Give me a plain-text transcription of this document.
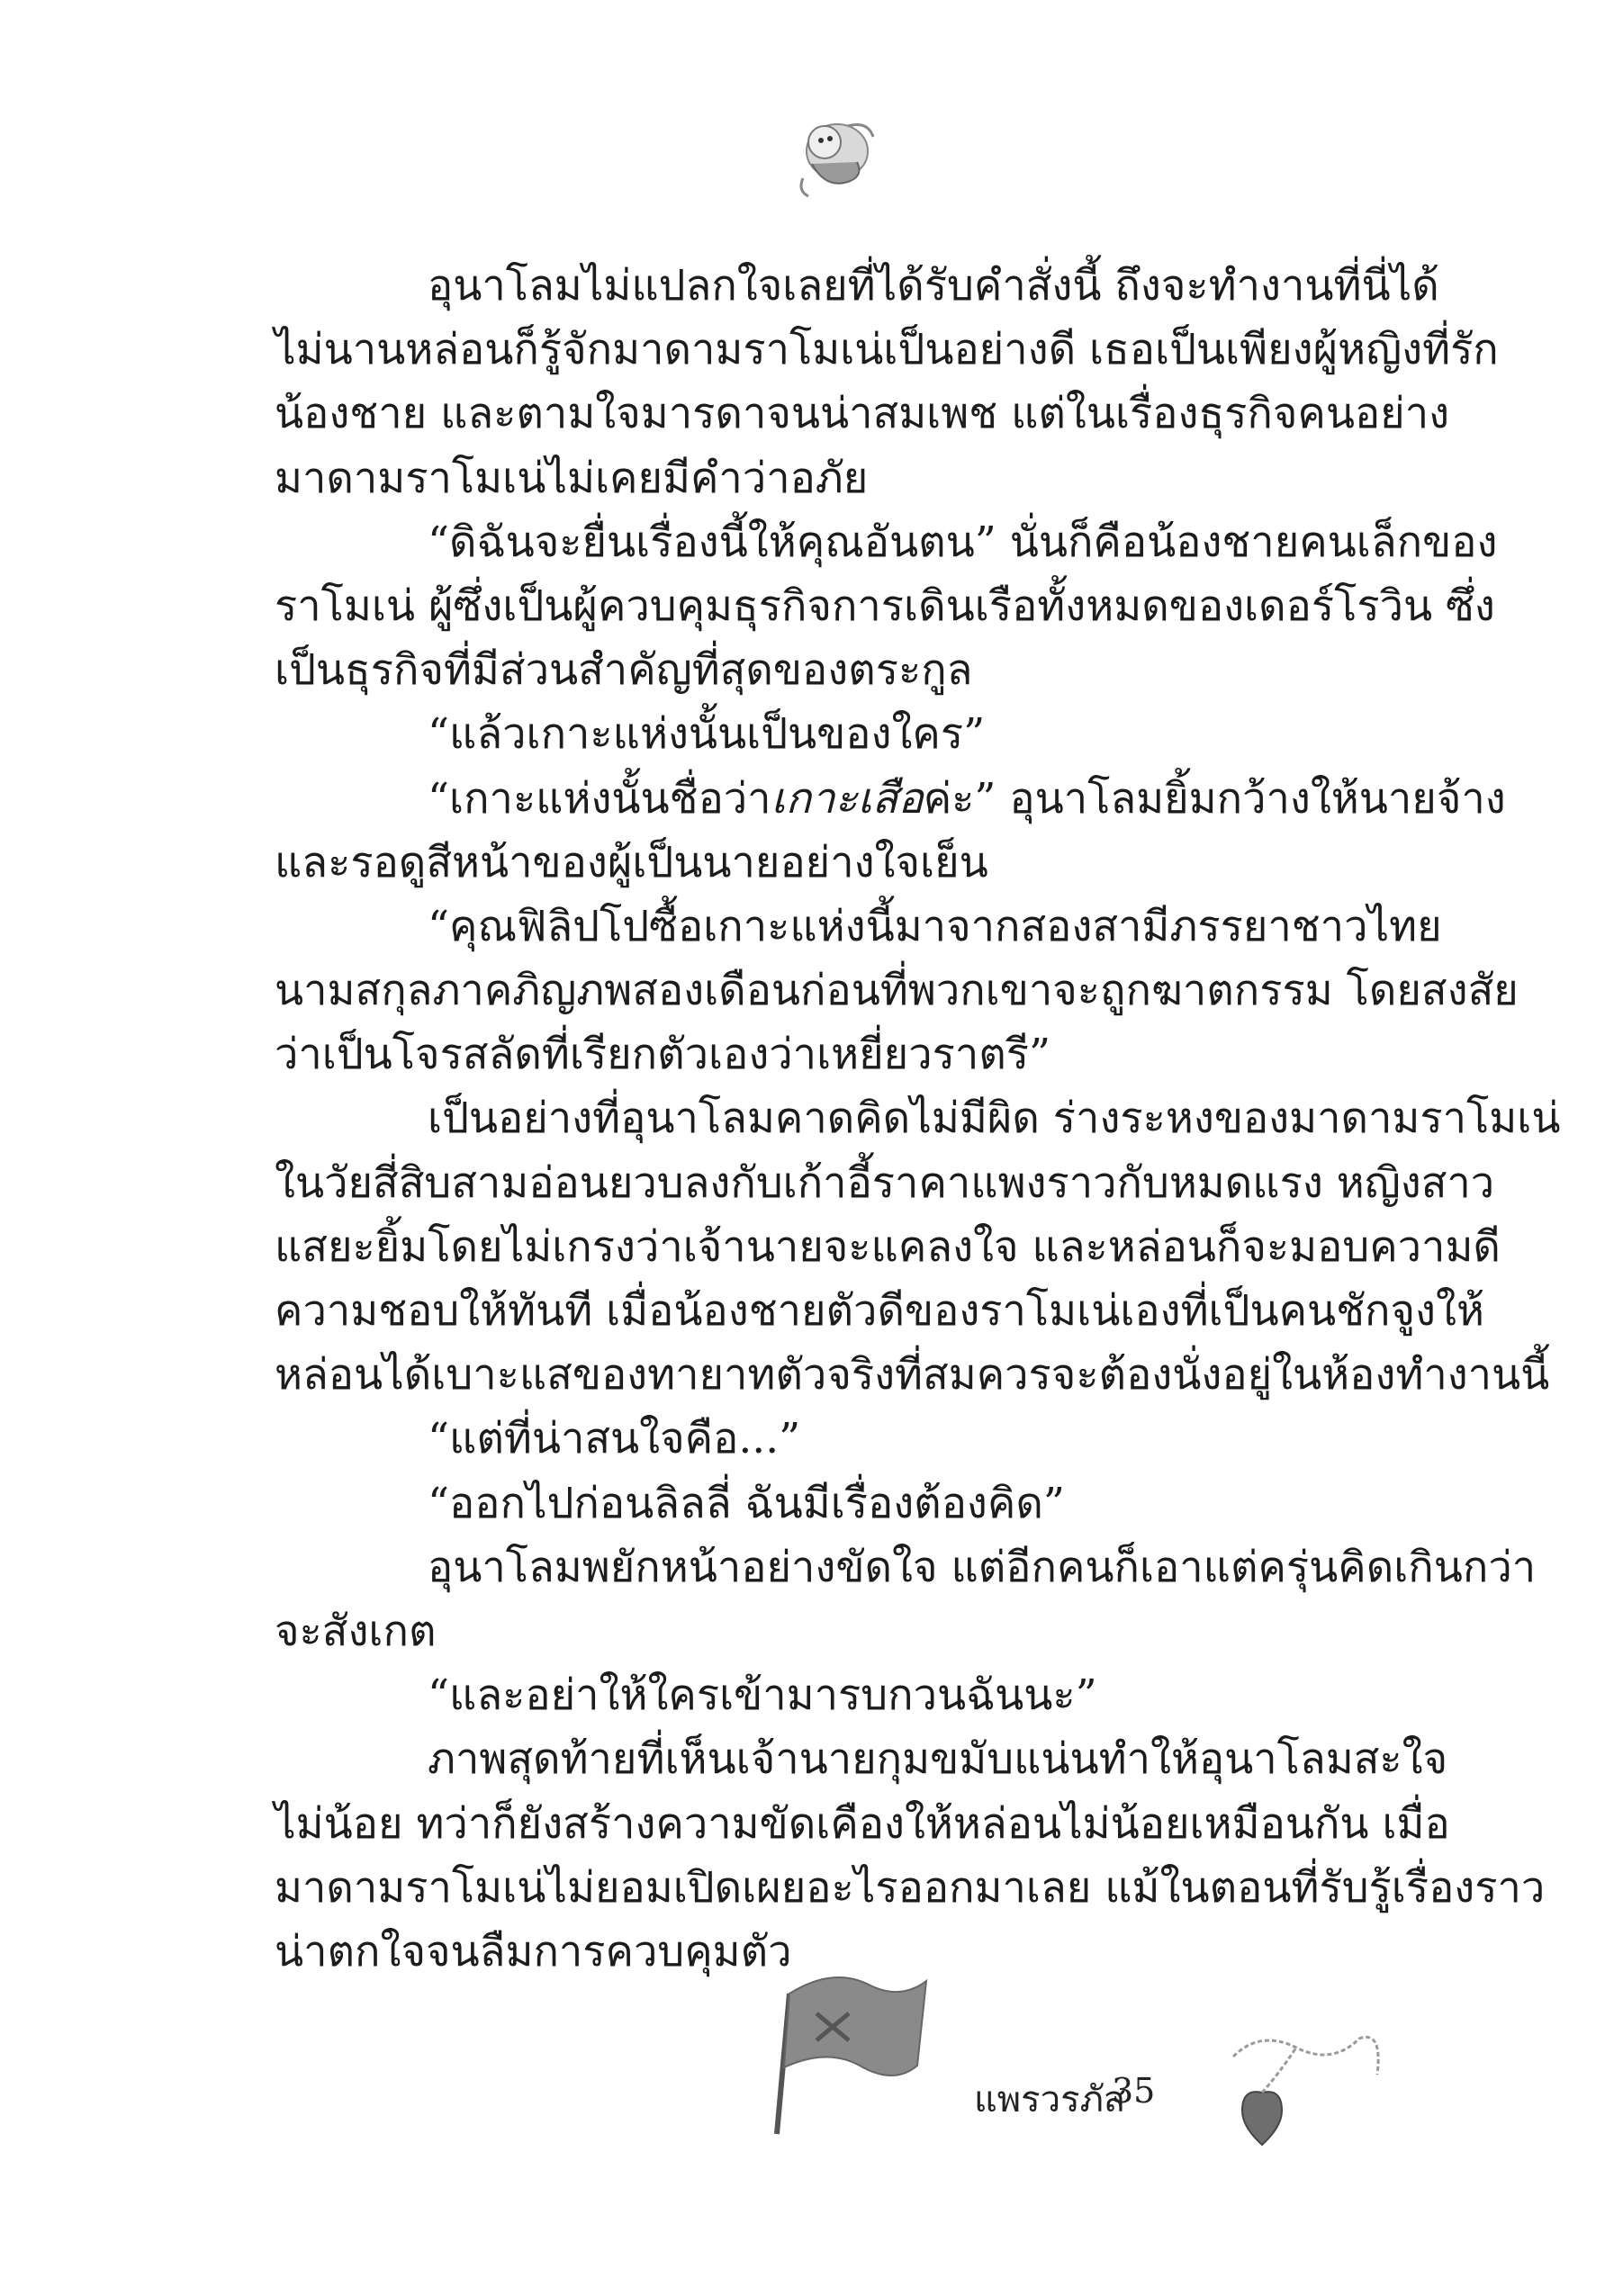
อุนาโลมไม่แปลกใจเลยที่ได้รับคำสั่งนี้ ถึงจะทำงานที่นี่ได้
ไม่นานหล่อนก็รู้จักมาดามราโมเน่เป็นอย่างดี เธอเป็นเพียงผู้หญิงที่รัก
น้องชาย และตามใจมารดาจนน่าสมเพช แต่ในเรื่องธุรกิจคนอย่าง
มาดามราโมเน่ไม่เคยมีคำว่าอภัย
“ดิฉันจะยื่นเรื่องนี้ให้คุณอันตน” นั่นก็คือน้องชายคนเล็กของ
ราโมเน่ ผู้ซึ่งเป็นผู้ควบคุมธุรกิจการเดินเรือทั้งหมดของเดอร์โรวิน ซึ่ง
เป็นธุรกิจที่มีส่วนสำคัญที่สุดของตระกูล
“แล้วเกาะแห่งนั้นเป็นของใคร”
“เกาะแห่งนั้นชื่อว่าเกาะเสือค่ะ” อุนาโลมยิ้มกว้างให้นายจ้าง
และรอดูสีหน้าของผู้เป็นนายอย่างใจเย็น
“คุณฟิลิปโปซื้อเกาะแห่งนี้มาจากสองสามีภรรยาชาวไทย
นามสกุลภาคภิญภพสองเดือนก่อนที่พวกเขาจะถูกฆาตกรรม โดยสงสัย
ว่าเป็นโจรสลัดที่เรียกตัวเองว่าเหยี่ยวราตรี”
เป็นอย่างที่อุนาโลมคาดคิดไม่มีผิด ร่างระหงของมาดามราโมเน่
ในวัยสี่สิบสามอ่อนยวบลงกับเก้าอี้ราคาแพงราวกับหมดแรง หญิงสาว
แสยะยิ้มโดยไม่เกรงว่าเจ้านายจะแคลงใจ และหล่อนก็จะมอบความดี
ความชอบให้ทันที เมื่อน้องชายตัวดีของราโมเน่เองที่เป็นคนชักจูงให้
หล่อนได้เบาะแสของทายาทตัวจริงที่สมควรจะต้องนั่งอยู่ในห้องทำงานนี้
“แต่ที่น่าสนใจคือ...”
“ออกไปก่อนลิลลี่ ฉันมีเรื่องต้องคิด”
อุนาโลมพยักหน้าอย่างขัดใจ แต่อีกคนก็เอาแต่ครุ่นคิดเกินกว่า
จะสังเกต
“และอย่าให้ใครเข้ามารบกวนฉันนะ”
ภาพสุดท้ายที่เห็นเจ้านายกุมขมับแน่นทำให้อุนาโลมสะใจ
ไม่น้อย ทว่าก็ยังสร้างความขัดเคืองให้หล่อนไม่น้อยเหมือนกัน เมื่อ
มาดามราโมเน่ไม่ยอมเปิดเผยอะไรออกมาเลย แม้ในตอนที่รับรู้เรื่องราว
น่าตกใจจนลืมการควบคุมตัว
แพรวรภัส
35
